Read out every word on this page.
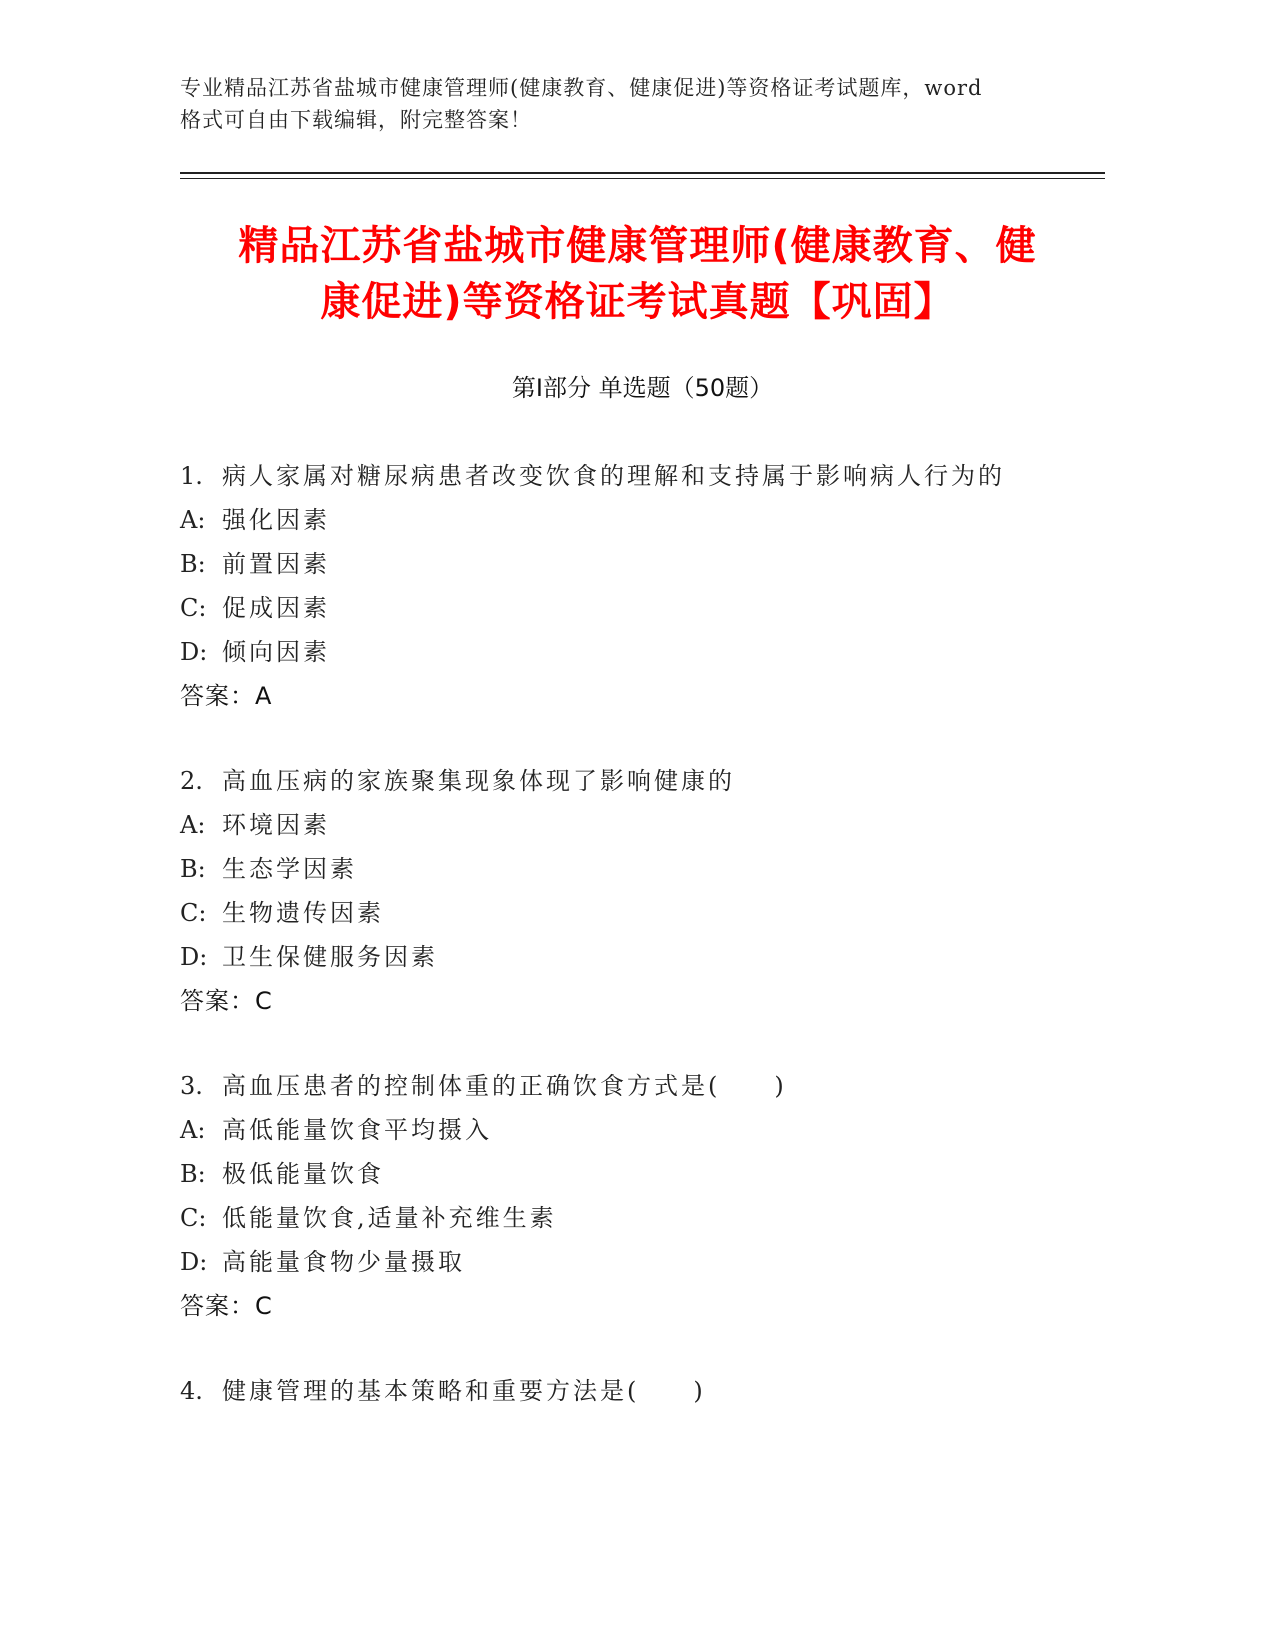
专业精品江苏省盐城市健康管理师(健康教育、健康促进)等资格证考试题库，word
格式可自由下载编辑，附完整答案！
精品江苏省盐城市健康管理师(健康教育、健
康促进)等资格证考试真题【巩固】
第Ⅰ部分 单选题（50题）
1. 病人家属对糖尿病患者改变饮食的理解和支持属于影响病人行为的
A: 强化因素
B: 前置因素
C: 促成因素
D: 倾向因素
答案：A
2. 高血压病的家族聚集现象体现了影响健康的
A: 环境因素
B: 生态学因素
C: 生物遗传因素
D: 卫生保健服务因素
答案：C
3. 高血压患者的控制体重的正确饮食方式是(　　)
A: 高低能量饮食平均摄入
B: 极低能量饮食
C: 低能量饮食,适量补充维生素
D: 高能量食物少量摄取
答案：C
4. 健康管理的基本策略和重要方法是(　　)
